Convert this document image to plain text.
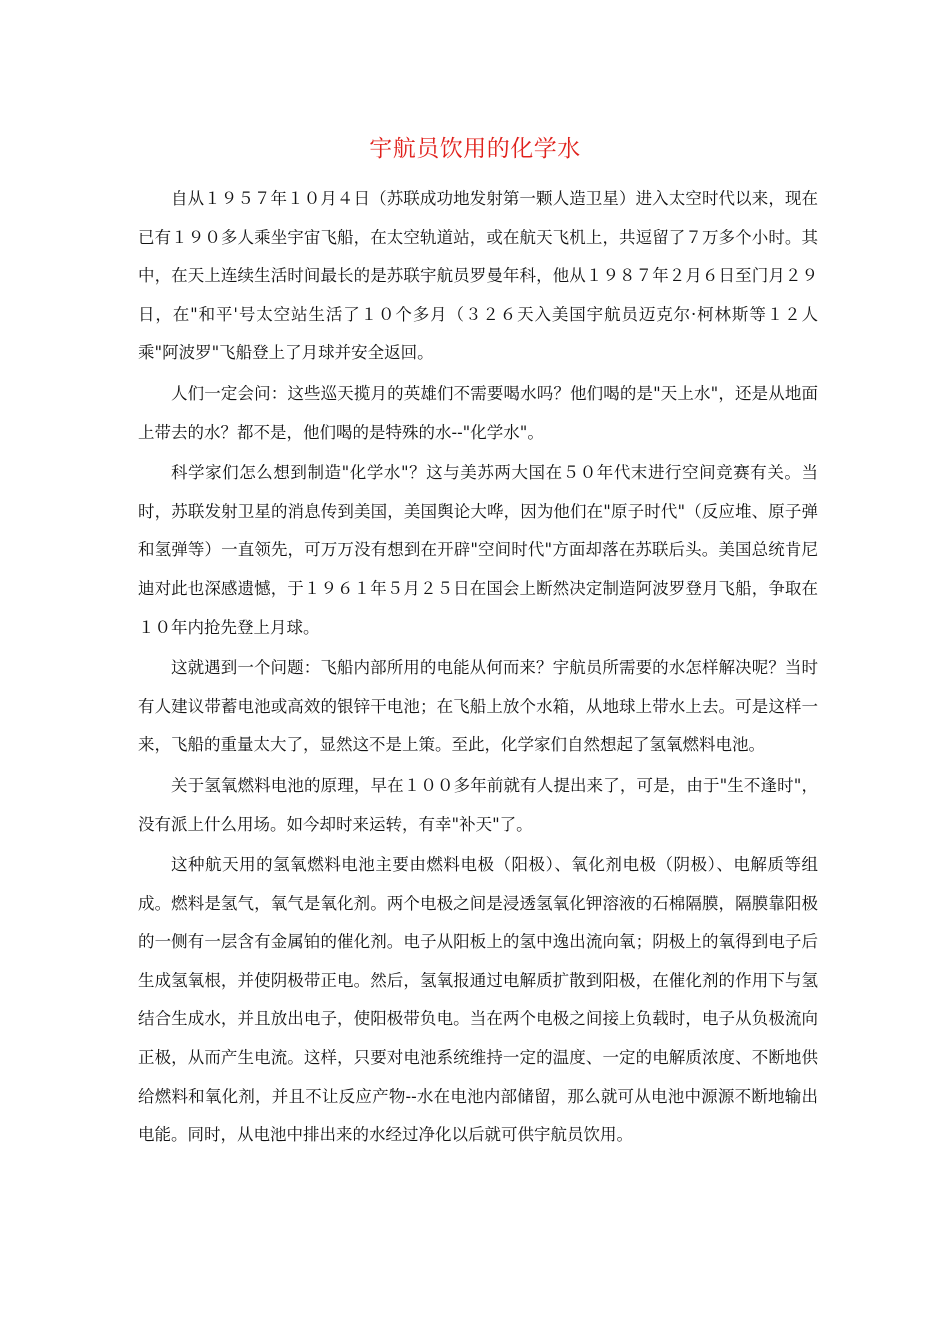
宇航员饮用的化学水

自从１９５７年１０月４日（苏联成功地发射第一颗人造卫星）进入太空时代以来，现在已有１９０多人乘坐宇宙飞船，在太空轨道站，或在航天飞机上，共逗留了７万多个小时。其中，在天上连续生活时间最长的是苏联宇航员罗曼年科，他从１９８７年２月６日至门月２９日，在"和平'号太空站生活了１０个多月（３２６天入美国宇航员迈克尔·柯林斯等１２人乘"阿波罗"飞船登上了月球并安全返回。

人们一定会问：这些巡天揽月的英雄们不需要喝水吗？他们喝的是"天上水"，还是从地面上带去的水？都不是，他们喝的是特殊的水--"化学水"。

科学家们怎么想到制造"化学水"？这与美苏两大国在５０年代末进行空间竞赛有关。当时，苏联发射卫星的消息传到美国，美国舆论大哗，因为他们在"原子时代"（反应堆、原子弹和氢弹等）一直领先，可万万没有想到在开辟"空间时代"方面却落在苏联后头。美国总统肯尼迪对此也深感遗憾，于１９６１年５月２５日在国会上断然决定制造阿波罗登月飞船，争取在１０年内抢先登上月球。

这就遇到一个问题：飞船内部所用的电能从何而来？宇航员所需要的水怎样解决呢？当时有人建议带蓄电池或高效的银锌干电池；在飞船上放个水箱，从地球上带水上去。可是这样一来，飞船的重量太大了，显然这不是上策。至此，化学家们自然想起了氢氧燃料电池。

关于氢氧燃料电池的原理，早在１００多年前就有人提出来了，可是，由于"生不逢时"，没有派上什么用场。如今却时来运转，有幸"补天"了。

这种航天用的氢氧燃料电池主要由燃料电极（阳极）、氧化剂电极（阴极）、电解质等组成。燃料是氢气，氧气是氧化剂。两个电极之间是浸透氢氧化钾溶液的石棉隔膜，隔膜靠阳极的一侧有一层含有金属铂的催化剂。电子从阳板上的氢中逸出流向氧；阴极上的氧得到电子后生成氢氧根，并使阴极带正电。然后，氢氧报通过电解质扩散到阳极，在催化剂的作用下与氢结合生成水，并且放出电子，使阳极带负电。当在两个电极之间接上负载时，电子从负极流向正极，从而产生电流。这样，只要对电池系统维持一定的温度、一定的电解质浓度、不断地供给燃料和氧化剂，并且不让反应产物--水在电池内部储留，那么就可从电池中源源不断地输出电能。同时，从电池中排出来的水经过净化以后就可供宇航员饮用。
